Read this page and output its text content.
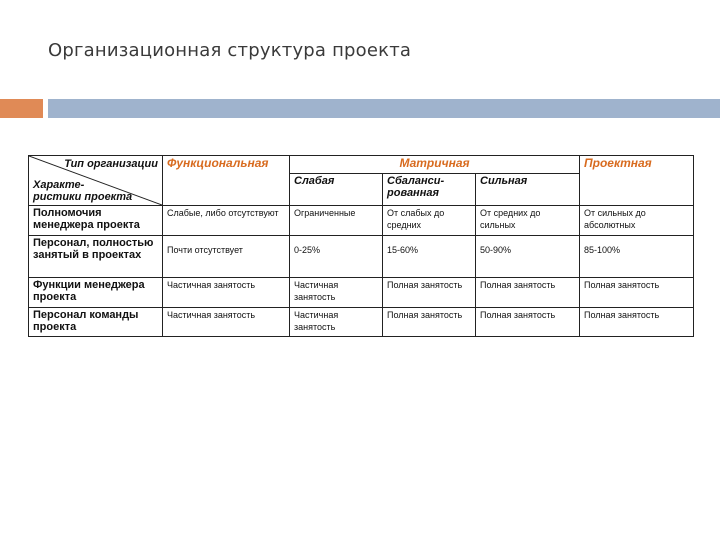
Организационная структура проекта
Тип организации
Характе-
ристики проекта	Функциональная	Матричная			Проектная
		Слабая	Сбаланси-
рованная	Сильная	
Полномочия менеджера проекта	Слабые, либо отсутствуют	Ограниченные	От слабых до средних	От средних до сильных	От сильных до абсолютных
Персонал, полностью занятый в проектах	Почти отсутствует	0-25%	15-60%	50-90%	85-100%
Функции менеджера проекта	Частичная занятость	Частичная занятость	Полная занятость	Полная занятость	Полная занятость
Персонал команды проекта	Частичная занятость	Частичная занятость	Полная занятость	Полная занятость	Полная занятость
